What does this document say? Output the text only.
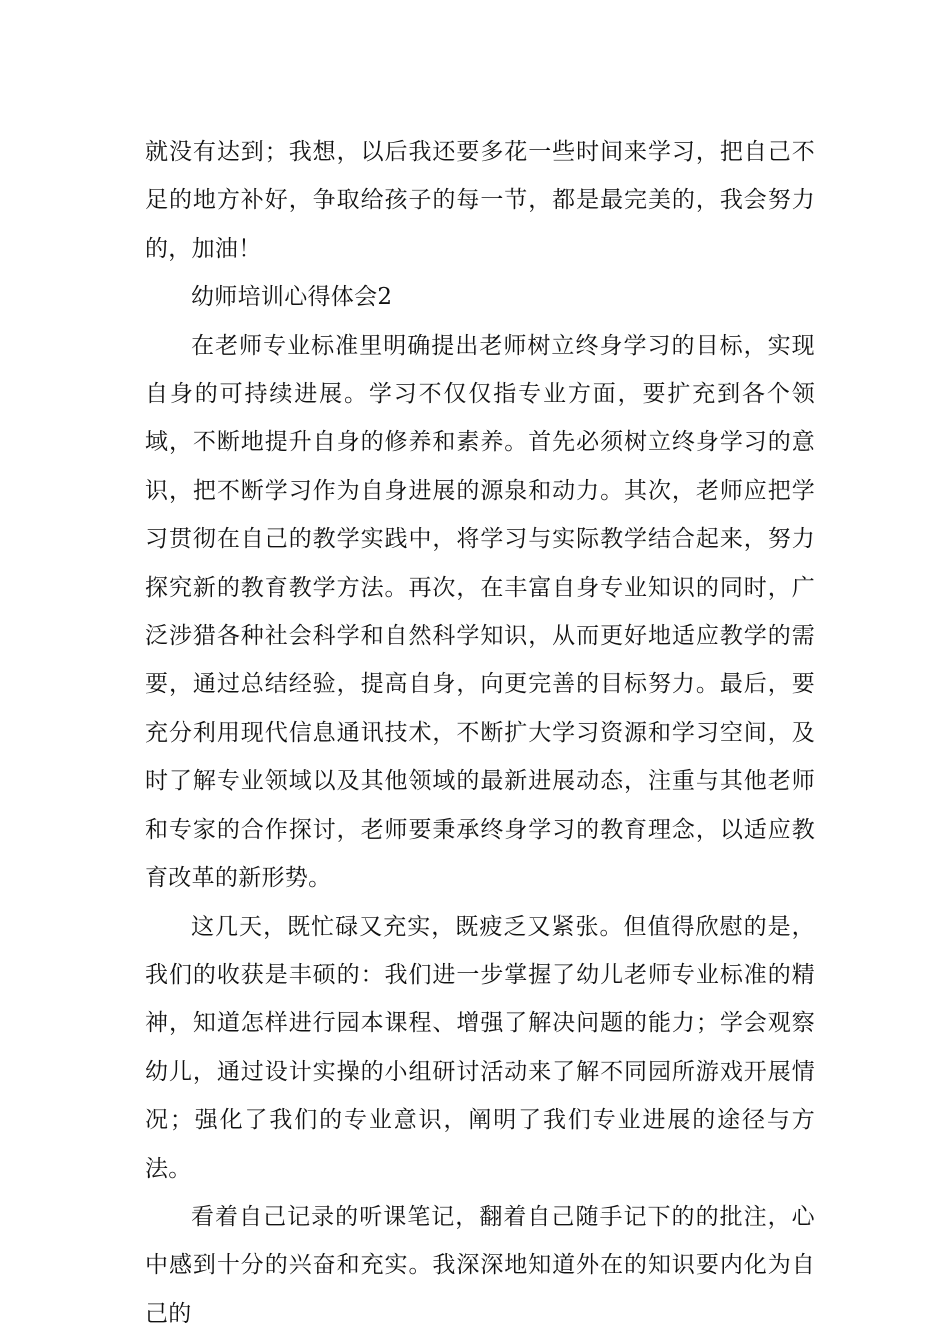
就没有达到；我想，以后我还要多花一些时间来学习，把自己不足的地方补好，争取给孩子的每一节，都是最完美的，我会努力的，加油！

幼师培训心得体会2

在老师专业标准里明确提出老师树立终身学习的目标，实现自身的可持续进展。学习不仅仅指专业方面，要扩充到各个领域，不断地提升自身的修养和素养。首先必须树立终身学习的意识，把不断学习作为自身进展的源泉和动力。其次，老师应把学习贯彻在自己的教学实践中，将学习与实际教学结合起来，努力探究新的教育教学方法。再次，在丰富自身专业知识的同时，广泛涉猎各种社会科学和自然科学知识，从而更好地适应教学的需要，通过总结经验，提高自身，向更完善的目标努力。最后，要充分利用现代信息通讯技术，不断扩大学习资源和学习空间，及时了解专业领域以及其他领域的最新进展动态，注重与其他老师和专家的合作探讨，老师要秉承终身学习的教育理念，以适应教育改革的新形势。

这几天，既忙碌又充实，既疲乏又紧张。但值得欣慰的是，我们的收获是丰硕的：我们进一步掌握了幼儿老师专业标准的精神，知道怎样进行园本课程、增强了解决问题的能力；学会观察幼儿，通过设计实操的小组研讨活动来了解不同园所游戏开展情况；强化了我们的专业意识，阐明了我们专业进展的途径与方法。

看着自己记录的听课笔记，翻着自己随手记下的的批注，心中感到十分的兴奋和充实。我深深地知道外在的知识要内化为自己的
